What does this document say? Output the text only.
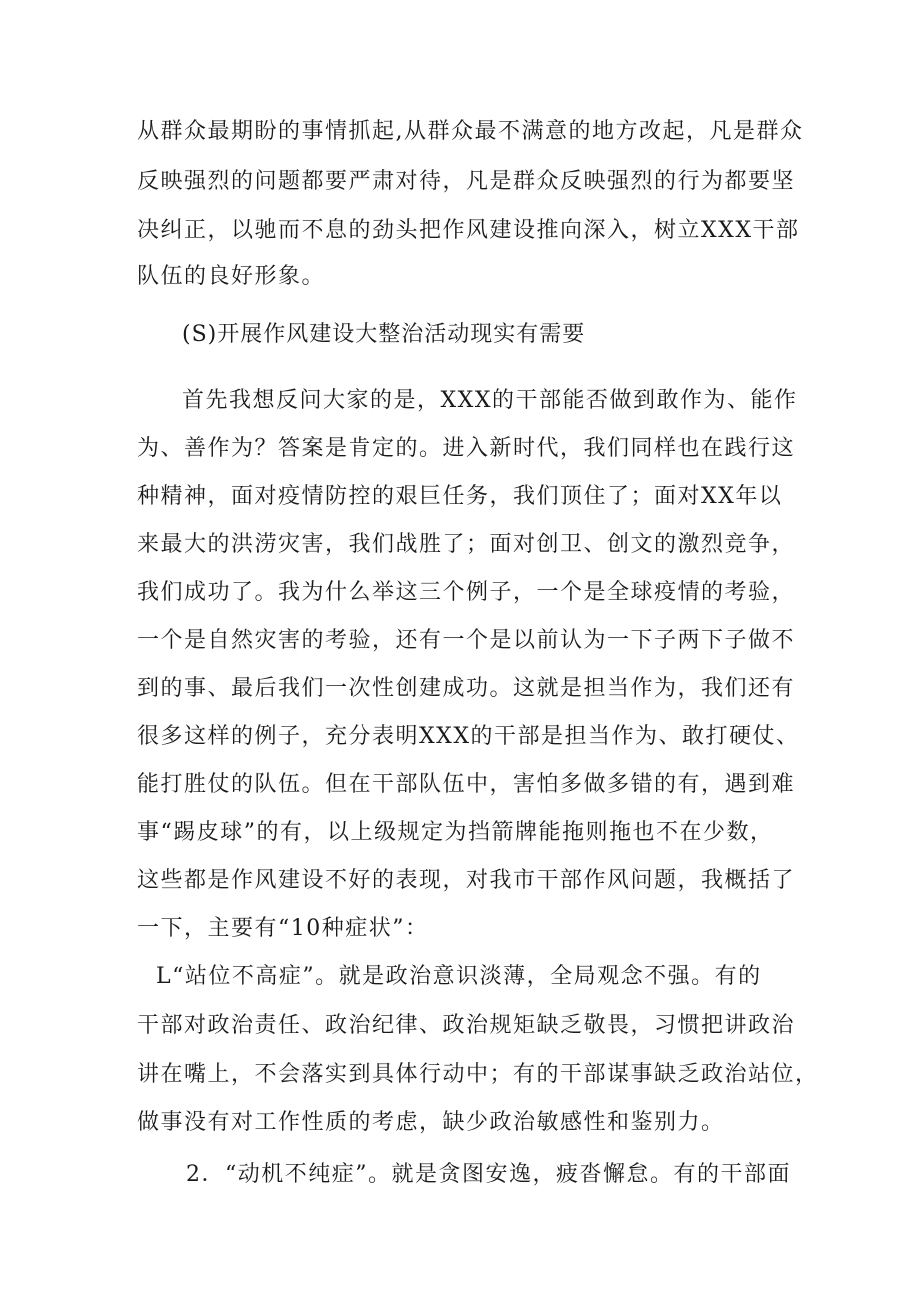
从群众最期盼的事情抓起,从群众最不满意的地方改起，凡是群众
反映强烈的问题都要严肃对待，凡是群众反映强烈的行为都要坚
决纠正，以驰而不息的劲头把作风建设推向深入，树立XXX干部
队伍的良好形象。
(S)开展作风建设大整治活动现实有需要
首先我想反问大家的是，XXX的干部能否做到敢作为、能作
为、善作为？答案是肯定的。进入新时代，我们同样也在践行这
种精神，面对疫情防控的艰巨任务，我们顶住了；面对XX年以
来最大的洪涝灾害，我们战胜了；面对创卫、创文的激烈竞争，
我们成功了。我为什么举这三个例子，一个是全球疫情的考验，
一个是自然灾害的考验，还有一个是以前认为一下子两下子做不
到的事、最后我们一次性创建成功。这就是担当作为，我们还有
很多这样的例子，充分表明XXX的干部是担当作为、敢打硬仗、
能打胜仗的队伍。但在干部队伍中，害怕多做多错的有，遇到难
事“踢皮球”的有，以上级规定为挡箭牌能拖则拖也不在少数，
这些都是作风建设不好的表现，对我市干部作风问题，我概括了
一下，主要有“10种症状”：
L“站位不高症”。就是政治意识淡薄，全局观念不强。有的
干部对政治责任、政治纪律、政治规矩缺乏敬畏，习惯把讲政治
讲在嘴上，不会落实到具体行动中；有的干部谋事缺乏政治站位，
做事没有对工作性质的考虑，缺少政治敏感性和鉴别力。
2．“动机不纯症”。就是贪图安逸，疲沓懈怠。有的干部面
